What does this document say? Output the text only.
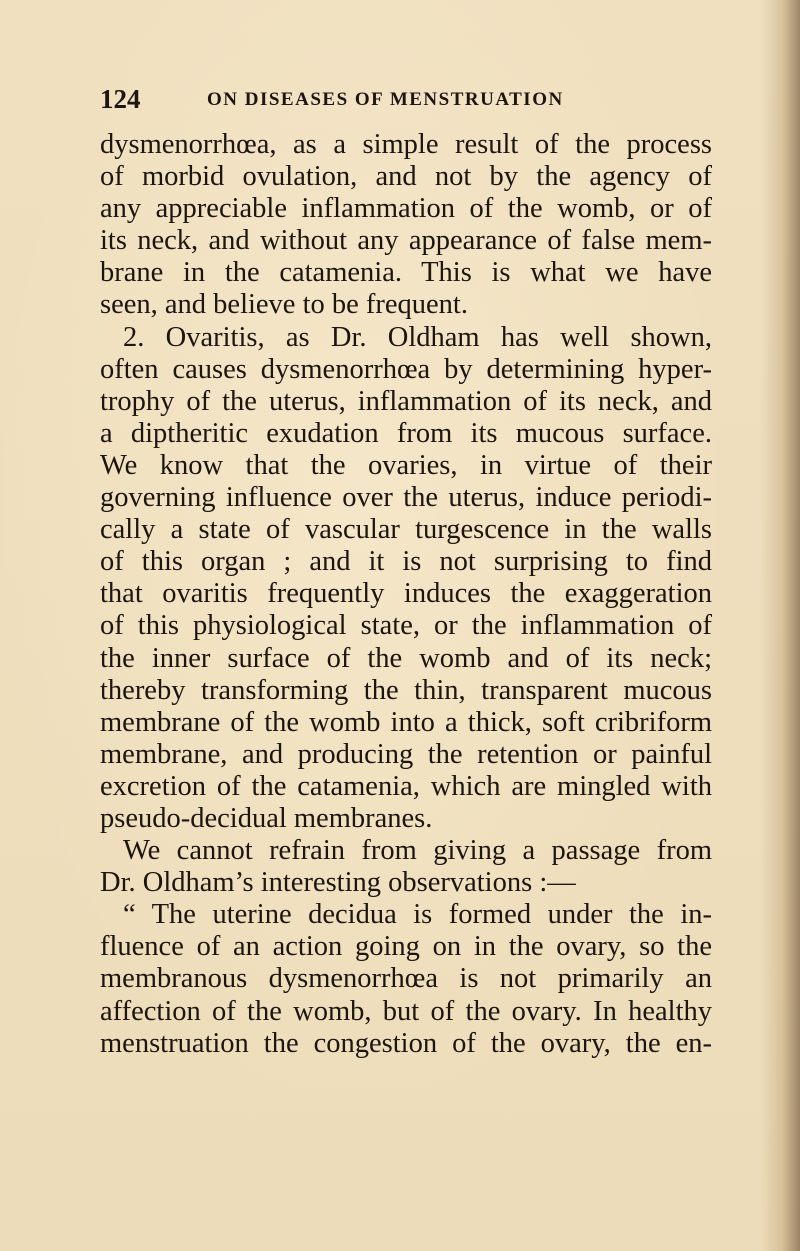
124	ON DISEASES OF MENSTRUATION
dysmenorrhœa, as a simple result of the process
of morbid ovulation, and not by the agency of
any appreciable inflammation of the womb, or of
its neck, and without any appearance of false mem-
brane in the catamenia. This is what we have
seen, and believe to be frequent.
2. Ovaritis, as Dr. Oldham has well shown,
often causes dysmenorrhœa by determining hyper-
trophy of the uterus, inflammation of its neck, and
a diptheritic exudation from its mucous surface.
We know that the ovaries, in virtue of their
governing influence over the uterus, induce periodi-
cally a state of vascular turgescence in the walls
of this organ ; and it is not surprising to find
that ovaritis frequently induces the exaggeration
of this physiological state, or the inflammation of
the inner surface of the womb and of its neck;
thereby transforming the thin, transparent mucous
membrane of the womb into a thick, soft cribriform
membrane, and producing the retention or painful
excretion of the catamenia, which are mingled with
pseudo-decidual membranes.
We cannot refrain from giving a passage from
Dr. Oldham’s interesting observations :—
“ The uterine decidua is formed under the in-
fluence of an action going on in the ovary, so the
membranous dysmenorrhœa is not primarily an
affection of the womb, but of the ovary. In healthy
menstruation the congestion of the ovary, the en-
